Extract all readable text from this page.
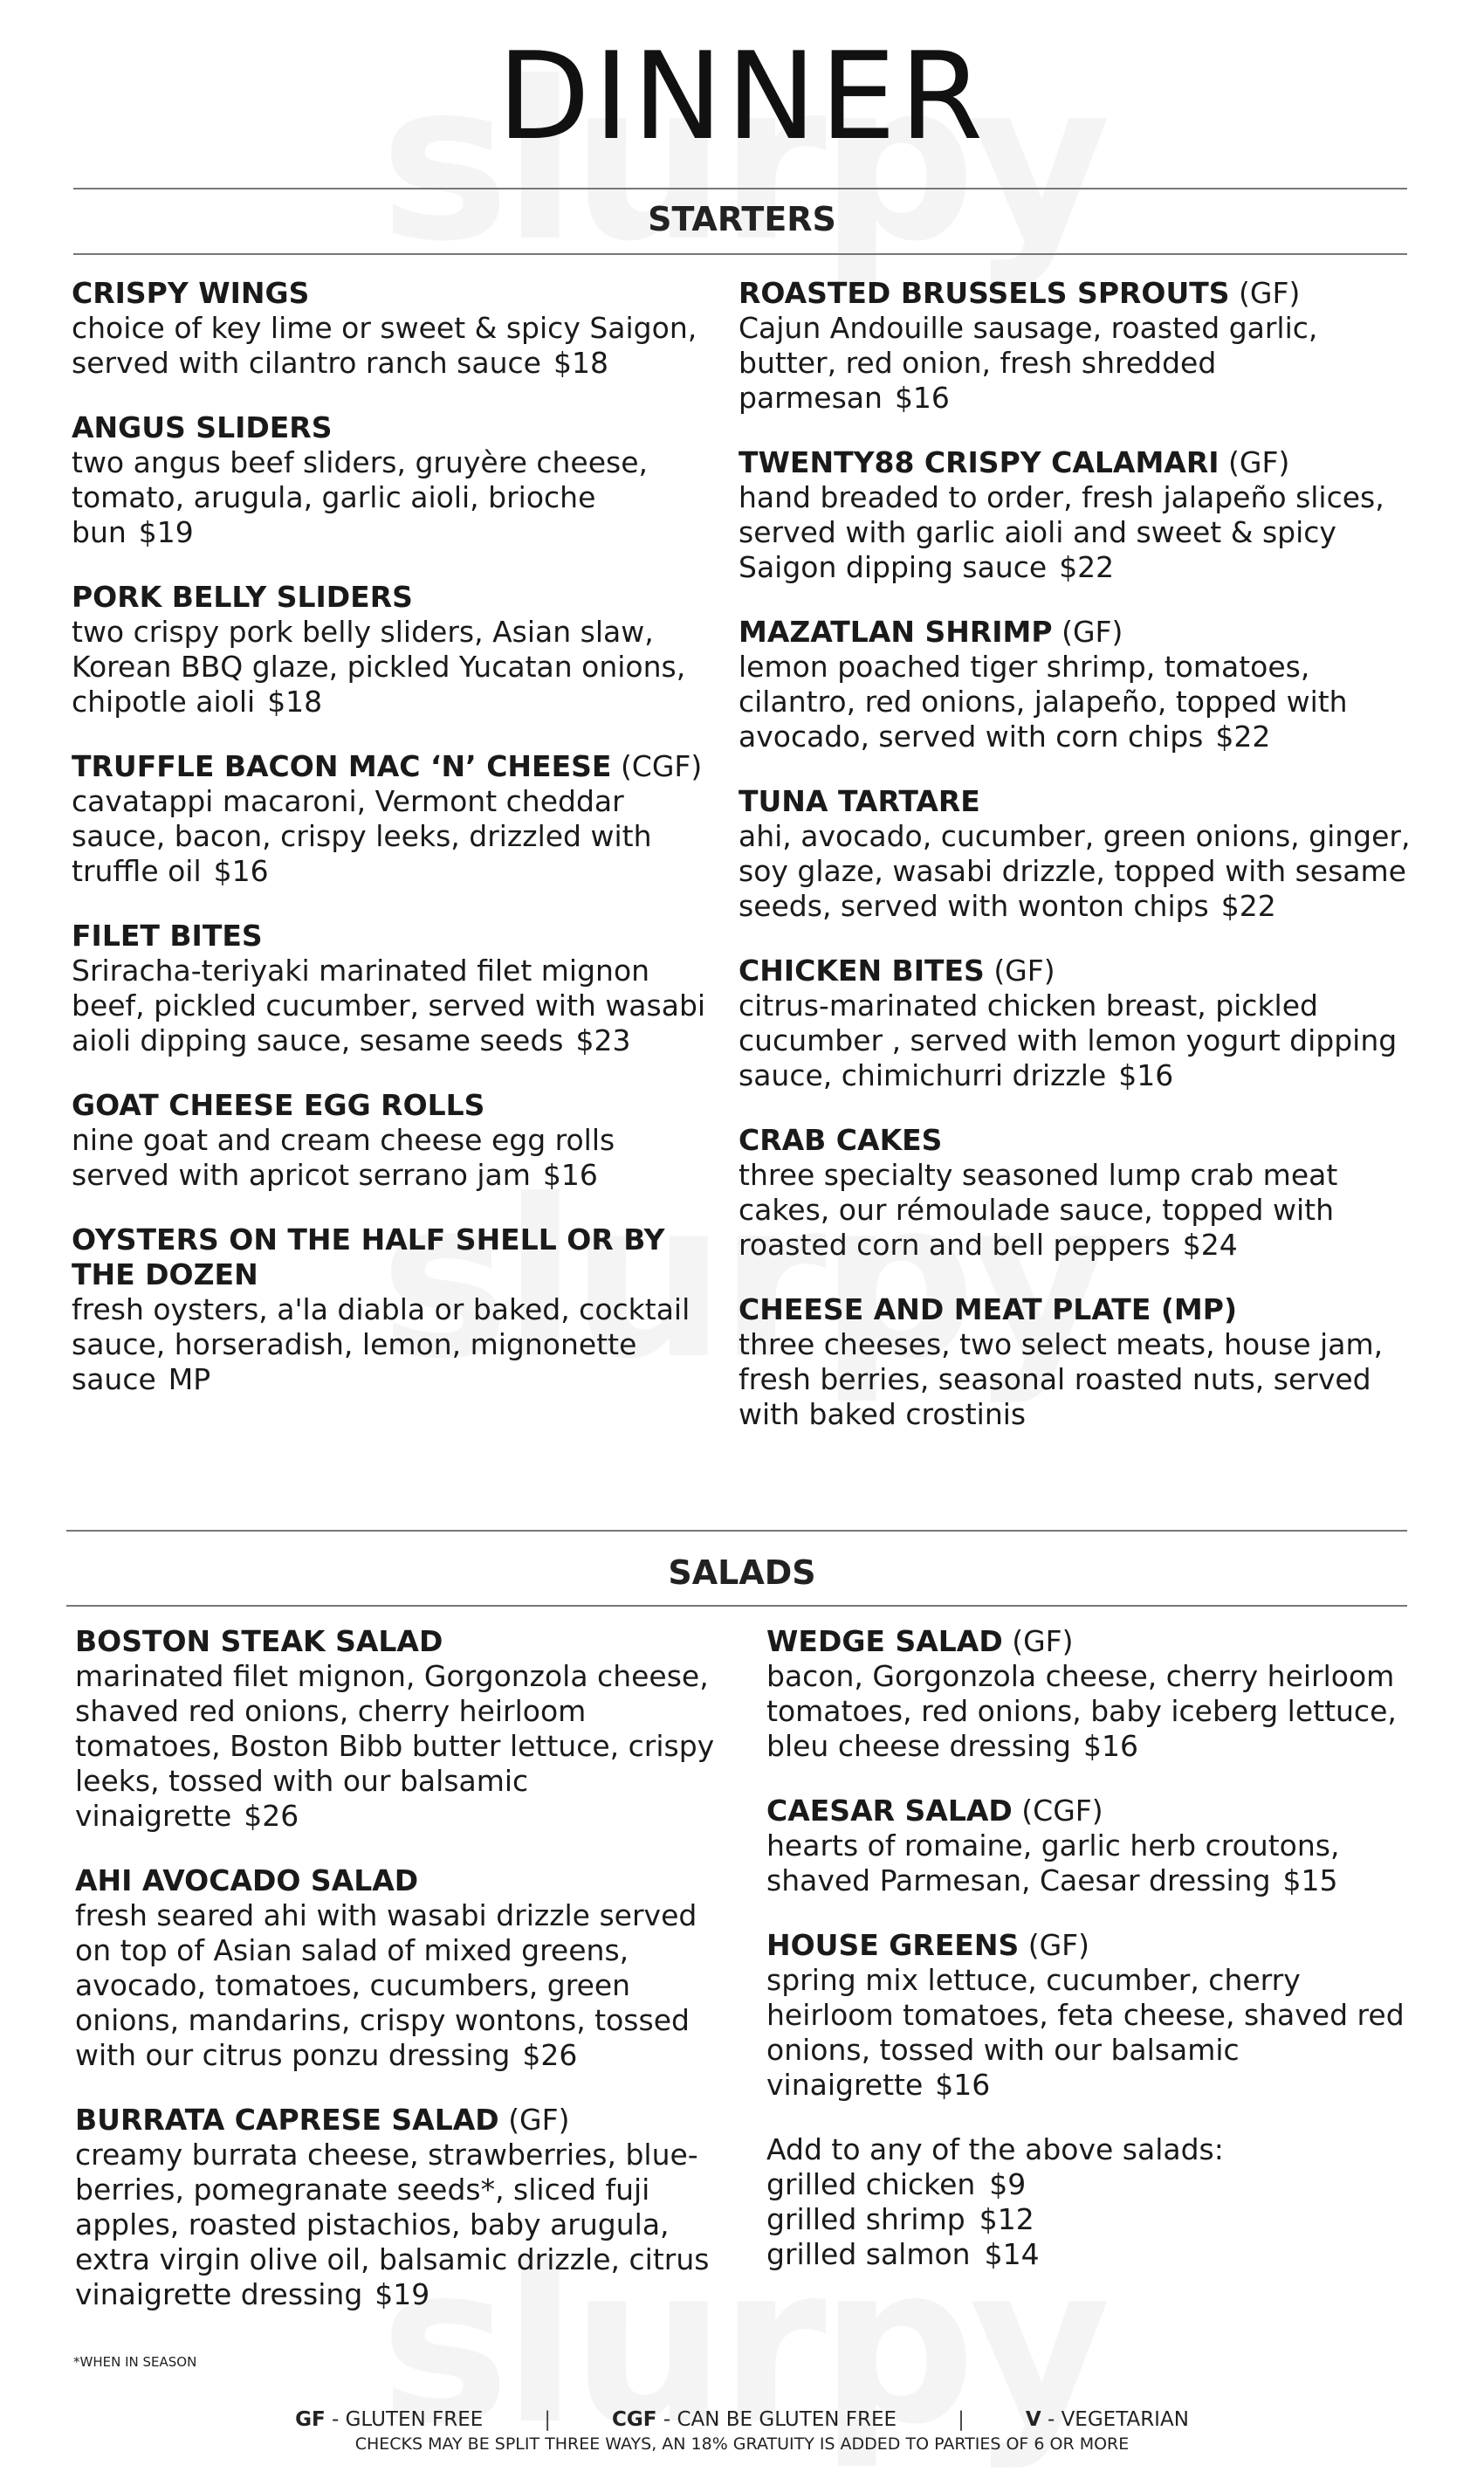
DINNER
STARTERS
CRISPY WINGS
choice of key lime or sweet & spicy Saigon, served with cilantro ranch sauce $18
ANGUS SLIDERS
two angus beef sliders, gruyère cheese, tomato, arugula, garlic aioli, brioche bun $19
PORK BELLY SLIDERS
two crispy pork belly sliders, Asian slaw, Korean BBQ glaze, pickled Yucatan onions, chipotle aioli $18
TRUFFLE BACON MAC ‘N’ CHEESE (CGF)
cavatappi macaroni, Vermont cheddar sauce, bacon, crispy leeks, drizzled with truffle oil $16
FILET BITES
Sriracha-teriyaki marinated filet mignon beef, pickled cucumber, served with wasabi aioli dipping sauce, sesame seeds $23
GOAT CHEESE EGG ROLLS
nine goat and cream cheese egg rolls served with apricot serrano jam $16
OYSTERS ON THE HALF SHELL OR BY THE DOZEN
fresh oysters, a'la diabla or baked, cocktail sauce, horseradish, lemon, mignonette sauce MP
ROASTED BRUSSELS SPROUTS (GF)
Cajun Andouille sausage, roasted garlic, butter, red onion, fresh shredded parmesan $16
TWENTY88 CRISPY CALAMARI (GF)
hand breaded to order, fresh jalapeño slices, served with garlic aioli and sweet & spicy Saigon dipping sauce $22
MAZATLAN SHRIMP (GF)
lemon poached tiger shrimp, tomatoes, cilantro, red onions, jalapeño, topped with avocado, served with corn chips $22
TUNA TARTARE
ahi, avocado, cucumber, green onions, ginger, soy glaze, wasabi drizzle, topped with sesame seeds, served with wonton chips $22
CHICKEN BITES (GF)
citrus-marinated chicken breast, pickled cucumber , served with lemon yogurt dipping sauce, chimichurri drizzle $16
CRAB CAKES
three specialty seasoned lump crab meat cakes, our rémoulade sauce, topped with roasted corn and bell peppers $24
CHEESE AND MEAT PLATE (MP)
three cheeses, two select meats, house jam, fresh berries, seasonal roasted nuts, served with baked crostinis
SALADS
BOSTON STEAK SALAD
marinated filet mignon, Gorgonzola cheese, shaved red onions, cherry heirloom tomatoes, Boston Bibb butter lettuce, crispy leeks, tossed with our balsamic vinaigrette $26
AHI AVOCADO SALAD
fresh seared ahi with wasabi drizzle served on top of Asian salad of mixed greens, avocado, tomatoes, cucumbers, green onions, mandarins, crispy wontons, tossed with our citrus ponzu dressing $26
BURRATA CAPRESE SALAD (GF)
creamy burrata cheese, strawberries, blue-berries, pomegranate seeds*, sliced fuji apples, roasted pistachios, baby arugula, extra virgin olive oil, balsamic drizzle, citrus vinaigrette dressing $19
WEDGE SALAD (GF)
bacon, Gorgonzola cheese, cherry heirloom tomatoes, red onions, baby iceberg lettuce, bleu cheese dressing $16
CAESAR SALAD (CGF)
hearts of romaine, garlic herb croutons, shaved Parmesan, Caesar dressing $15
HOUSE GREENS (GF)
spring mix lettuce, cucumber, cherry heirloom tomatoes, feta cheese, shaved red onions, tossed with our balsamic vinaigrette $16
Add to any of the above salads:
grilled chicken $9
grilled shrimp $12
grilled salmon $14
*WHEN IN SEASON
GF - GLUTEN FREE	|	CGF - CAN BE GLUTEN FREE	|	V - VEGETARIAN
CHECKS MAY BE SPLIT THREE WAYS, AN 18% GRATUITY IS ADDED TO PARTIES OF 6 OR MORE
